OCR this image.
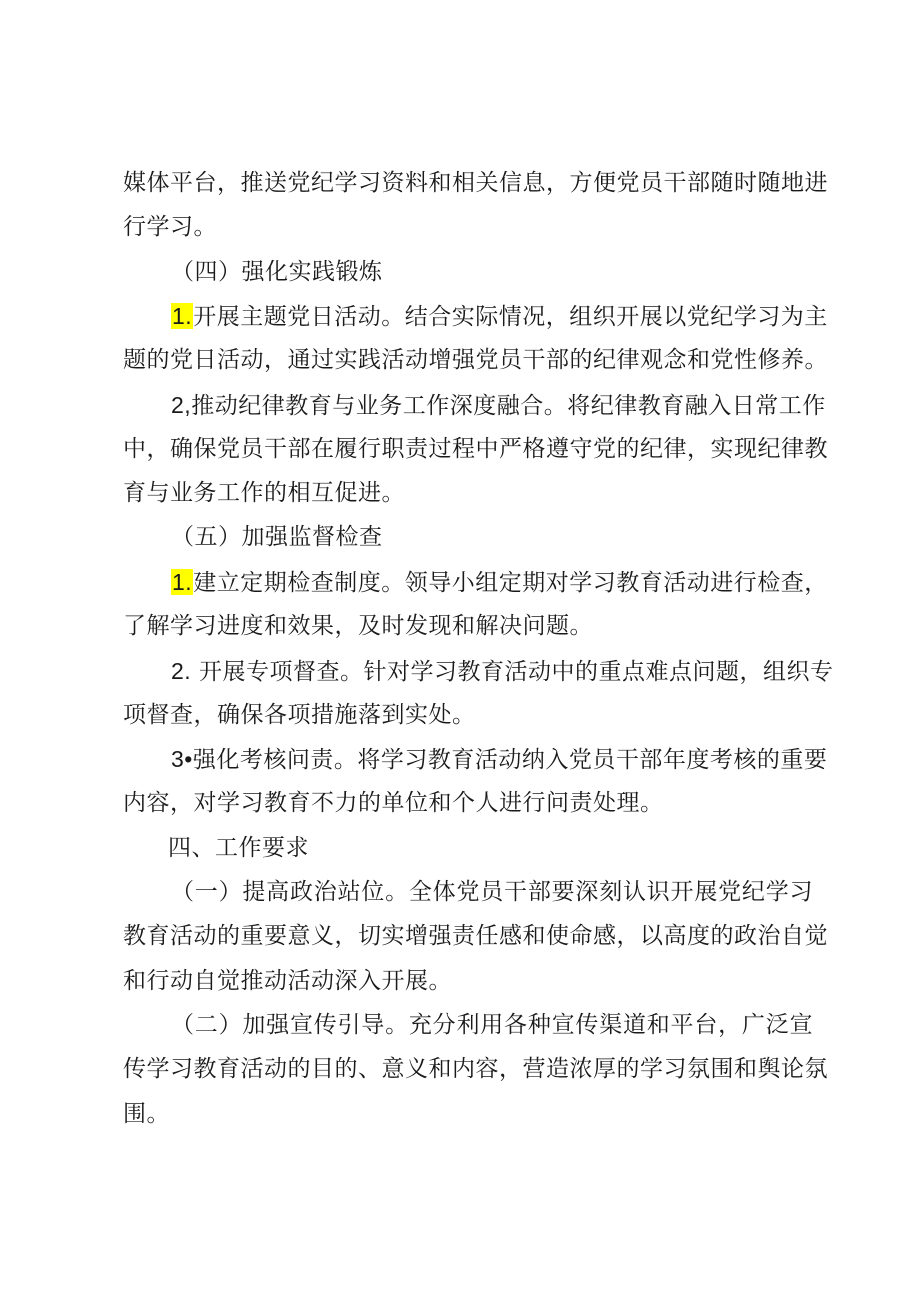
媒体平台，推送党纪学习资料和相关信息，方便党员干部随时随地进
行学习。
（四）强化实践锻炼
1.开展主题党日活动。结合实际情况，组织开展以党纪学习为主
题的党日活动，通过实践活动增强党员干部的纪律观念和党性修养。
2,推动纪律教育与业务工作深度融合。将纪律教育融入日常工作
中，确保党员干部在履行职责过程中严格遵守党的纪律，实现纪律教
育与业务工作的相互促进。
（五）加强监督检查
1.建立定期检查制度。领导小组定期对学习教育活动进行检查，
了解学习进度和效果，及时发现和解决问题。
2. 开展专项督查。针对学习教育活动中的重点难点问题，组织专
项督查，确保各项措施落到实处。
3•强化考核问责。将学习教育活动纳入党员干部年度考核的重要
内容，对学习教育不力的单位和个人进行问责处理。
四、工作要求
（一）提高政治站位。全体党员干部要深刻认识开展党纪学习
教育活动的重要意义，切实增强责任感和使命感，以高度的政治自觉
和行动自觉推动活动深入开展。
（二）加强宣传引导。充分利用各种宣传渠道和平台，广泛宣
传学习教育活动的目的、意义和内容，营造浓厚的学习氛围和舆论氛
围。
